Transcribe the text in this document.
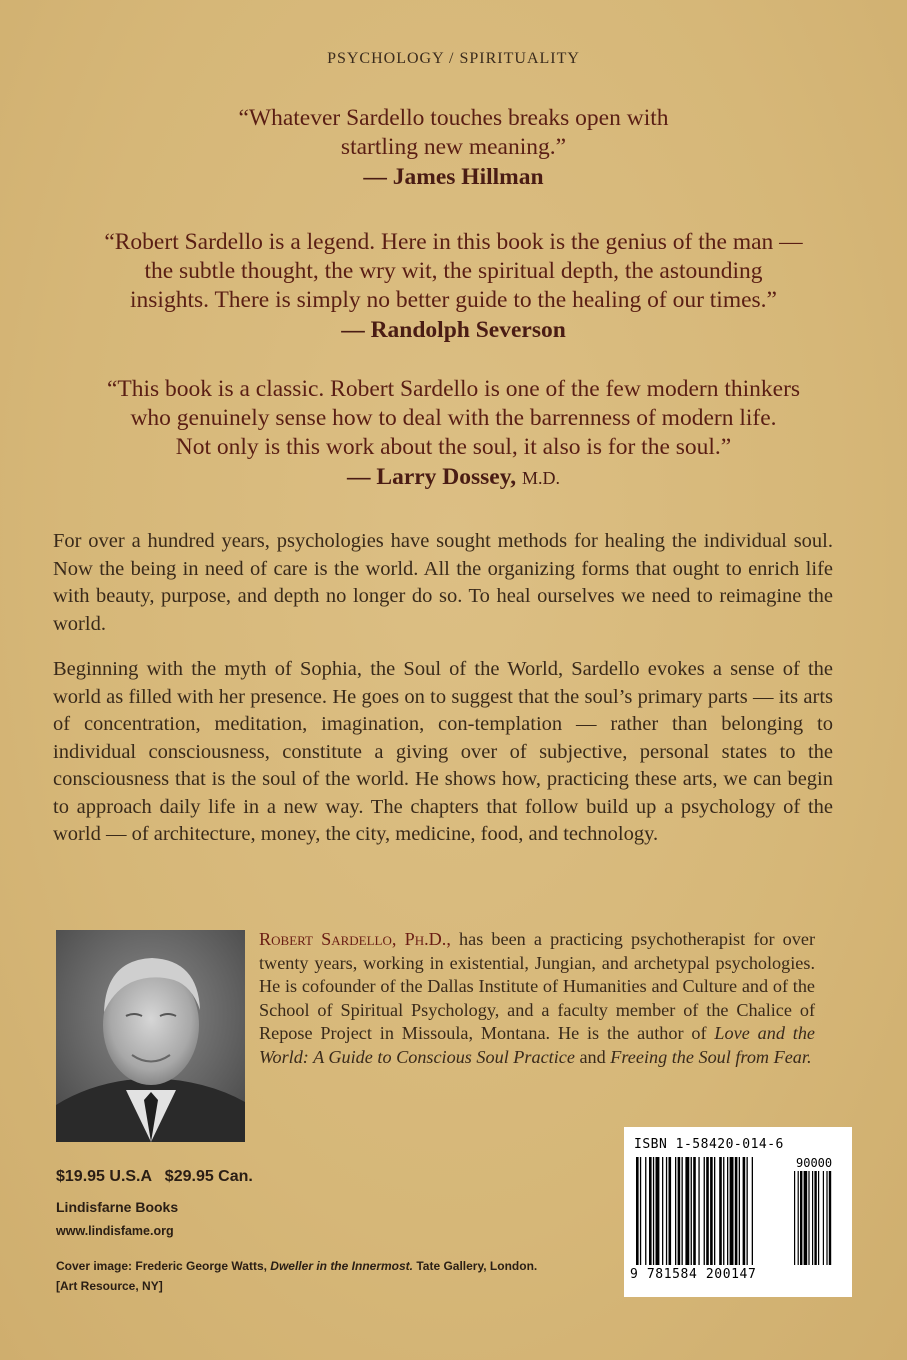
PSYCHOLOGY / SPIRITUALITY
“Whatever Sardello touches breaks open with
startling new meaning.”
— James Hillman
“Robert Sardello is a legend. Here in this book is the genius of the man —
the subtle thought, the wry wit, the spiritual depth, the astounding
insights. There is simply no better guide to the healing of our times.”
— Randolph Severson
“This book is a classic. Robert Sardello is one of the few modern thinkers
who genuinely sense how to deal with the barrenness of modern life.
Not only is this work about the soul, it also is for the soul.”
— Larry Dossey, M.D.
For over a hundred years, psychologies have sought methods for healing the individual soul. Now the being in need of care is the world. All the organizing forms that ought to enrich life with beauty, purpose, and depth no longer do so. To heal ourselves we need to reimagine the world.
Beginning with the myth of Sophia, the Soul of the World, Sardello evokes a sense of the world as filled with her presence. He goes on to suggest that the soul’s primary parts — its arts of concentration, meditation, imagination, con-templation — rather than belonging to individual consciousness, constitute a giving over of subjective, personal states to the consciousness that is the soul of the world. He shows how, practicing these arts, we can begin to approach daily life in a new way. The chapters that follow build up a psychology of the world — of architecture, money, the city, medicine, food, and technology.
Robert Sardello, Ph.D., has been a practicing psychotherapist for over twenty years, working in existential, Jungian, and archetypal psychologies. He is cofounder of the Dallas Institute of Humanities and Culture and of the School of Spiritual Psychology, and a faculty member of the Chalice of Repose Project in Missoula, Montana. He is the author of Love and the World: A Guide to Conscious Soul Practice and Freeing the Soul from Fear.
$19.95 U.S.A   $29.95 Can.
Lindisfarne Books
www.lindisfame.org
Cover image: Frederic George Watts, Dweller in the Innermost. Tate Gallery, London.
[Art Resource, NY]
ISBN 1-58420-014-6
90000
9 781584 200147
